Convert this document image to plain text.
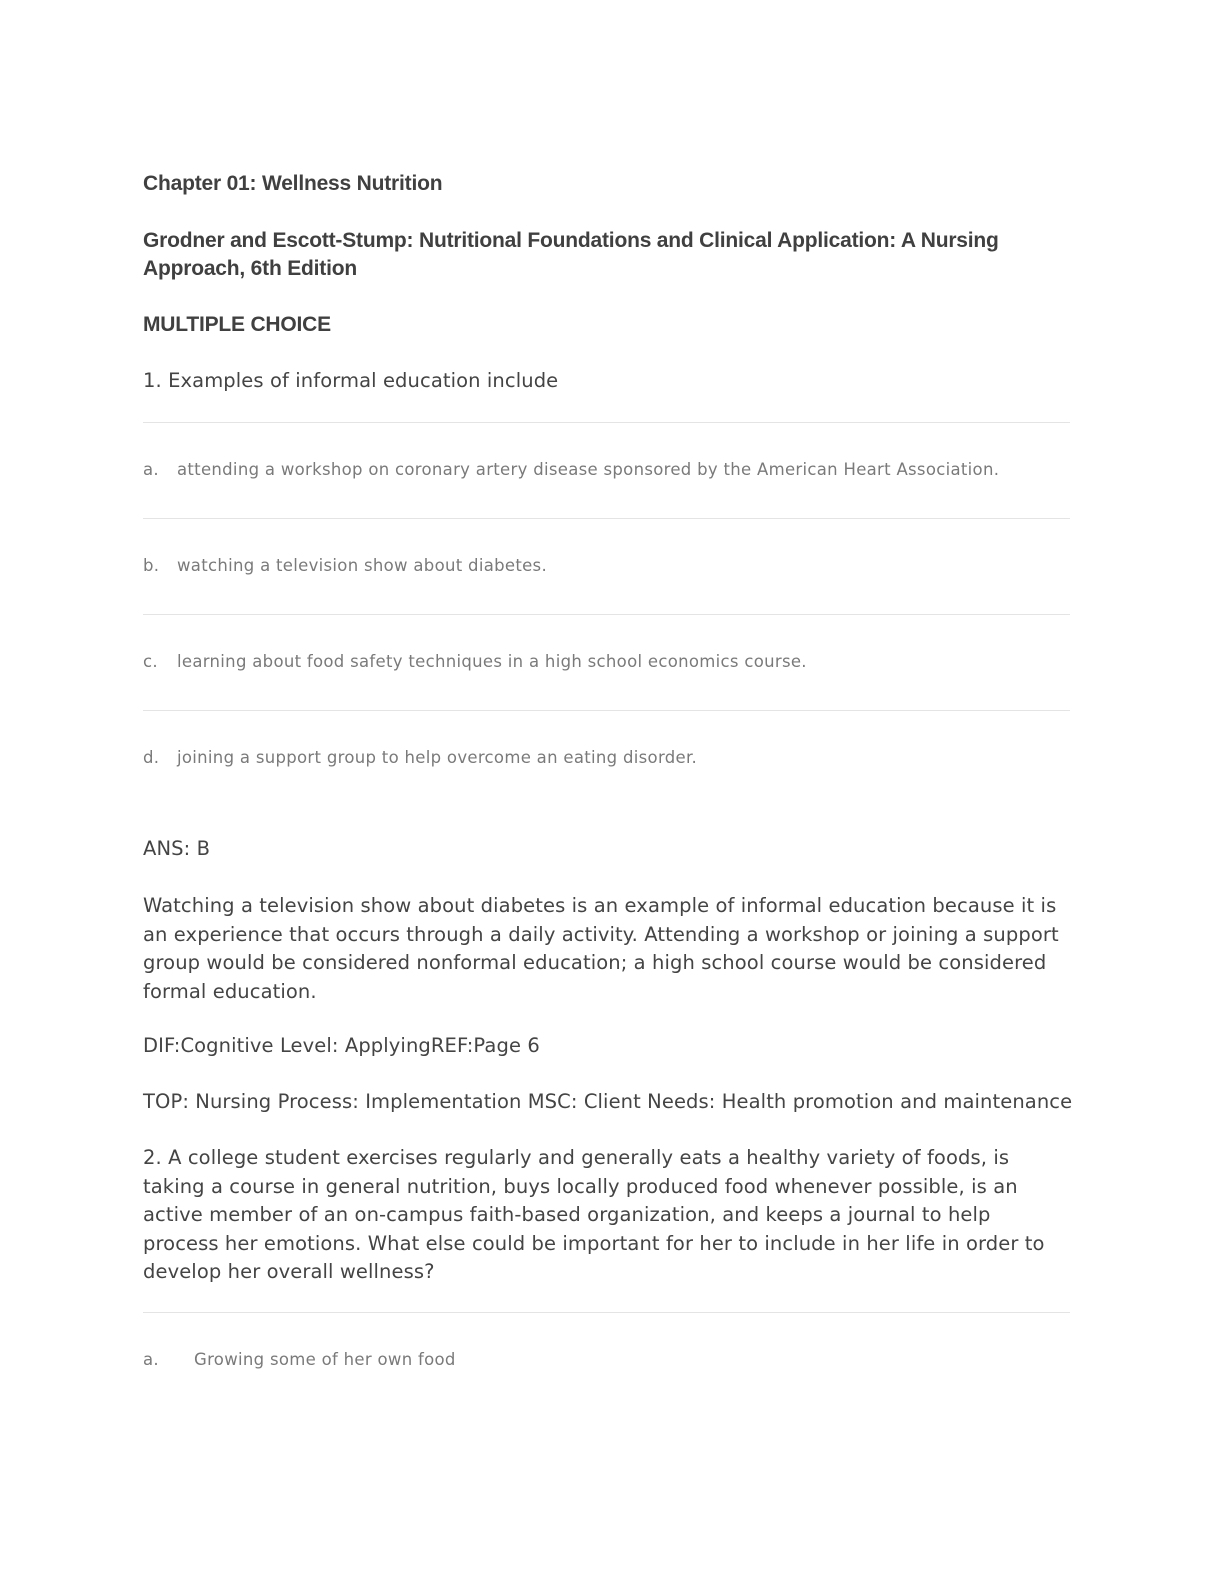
Chapter 01: Wellness Nutrition

Grodner and Escott-Stump: Nutritional Foundations and Clinical Application: A Nursing Approach, 6th Edition

MULTIPLE CHOICE

1. Examples of informal education include

a. attending a workshop on coronary artery disease sponsored by the American Heart Association.
b. watching a television show about diabetes.
c. learning about food safety techniques in a high school economics course.
d. joining a support group to help overcome an eating disorder.

ANS: B

Watching a television show about diabetes is an example of informal education because it is an experience that occurs through a daily activity. Attending a workshop or joining a support group would be considered nonformal education; a high school course would be considered formal education.

DIF:Cognitive Level: ApplyingREF:Page 6

TOP: Nursing Process: Implementation MSC: Client Needs: Health promotion and maintenance

2. A college student exercises regularly and generally eats a healthy variety of foods, is taking a course in general nutrition, buys locally produced food whenever possible, is an active member of an on-campus faith-based organization, and keeps a journal to help process her emotions. What else could be important for her to include in her life in order to develop her overall wellness?

a. Growing some of her own food
